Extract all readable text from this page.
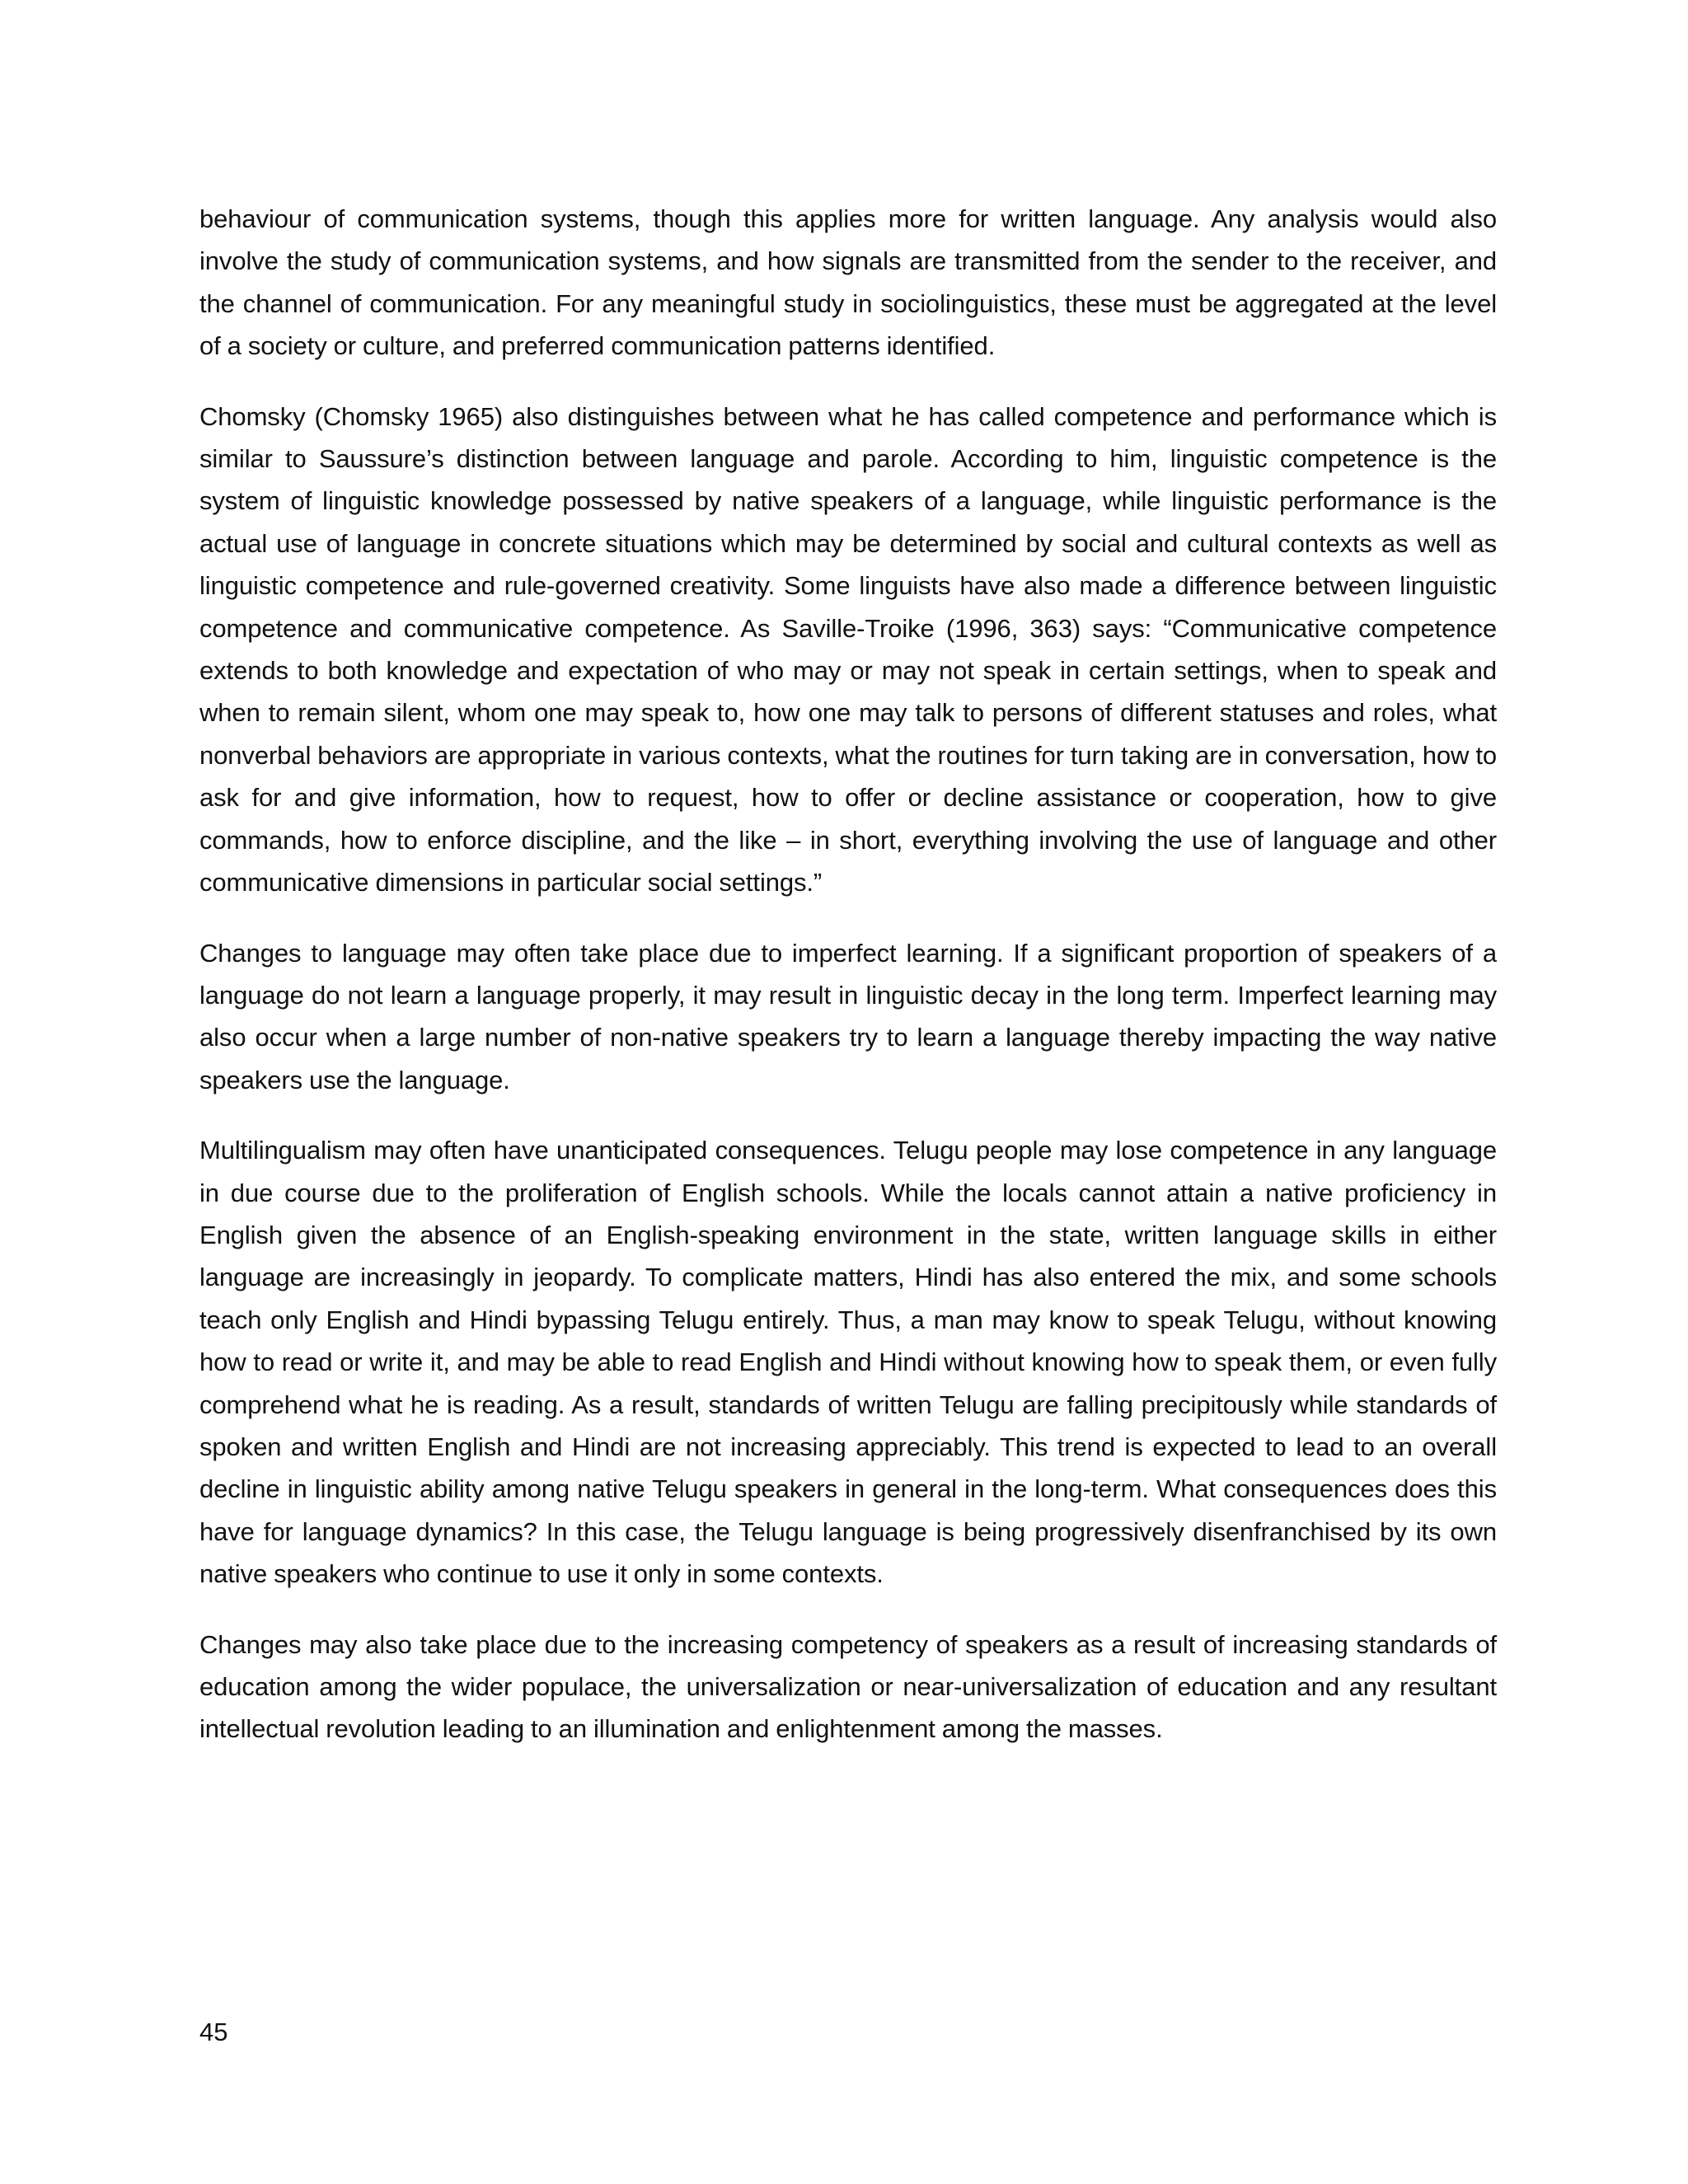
behaviour of communication systems, though this applies more for written language. Any analysis would also involve the study of communication systems, and how signals are transmitted from the sender to the receiver, and the channel of communication. For any meaningful study in sociolinguistics, these must be aggregated at the level of a society or culture, and preferred communication patterns identified.

Chomsky (Chomsky 1965) also distinguishes between what he has called competence and performance which is similar to Saussure’s distinction between language and parole. According to him, linguistic competence is the system of linguistic knowledge possessed by native speakers of a language, while linguistic performance is the actual use of language in concrete situations which may be determined by social and cultural contexts as well as linguistic competence and rule-governed creativity. Some linguists have also made a difference between linguistic competence and communicative competence. As Saville-Troike (1996, 363) says: “Communicative competence extends to both knowledge and expectation of who may or may not speak in certain settings, when to speak and when to remain silent, whom one may speak to, how one may talk to persons of different statuses and roles, what nonverbal behaviors are appropriate in various contexts, what the routines for turn taking are in conversation, how to ask for and give information, how to request, how to offer or decline assistance or cooperation, how to give commands, how to enforce discipline, and the like – in short, everything involving the use of language and other communicative dimensions in particular social settings.”

Changes to language may often take place due to imperfect learning. If a significant proportion of speakers of a language do not learn a language properly, it may result in linguistic decay in the long term. Imperfect learning may also occur when a large number of non-native speakers try to learn a language thereby impacting the way native speakers use the language.

Multilingualism may often have unanticipated consequences. Telugu people may lose competence in any language in due course due to the proliferation of English schools. While the locals cannot attain a native proficiency in English given the absence of an English-speaking environment in the state, written language skills in either language are increasingly in jeopardy. To complicate matters, Hindi has also entered the mix, and some schools teach only English and Hindi bypassing Telugu entirely. Thus, a man may know to speak Telugu, without knowing how to read or write it, and may be able to read English and Hindi without knowing how to speak them, or even fully comprehend what he is reading. As a result, standards of written Telugu are falling precipitously while standards of spoken and written English and Hindi are not increasing appreciably. This trend is expected to lead to an overall decline in linguistic ability among native Telugu speakers in general in the long-term. What consequences does this have for language dynamics? In this case, the Telugu language is being progressively disenfranchised by its own native speakers who continue to use it only in some contexts.

Changes may also take place due to the increasing competency of speakers as a result of increasing standards of education among the wider populace, the universalization or near-universalization of education and any resultant intellectual revolution leading to an illumination and enlightenment among the masses.

45
